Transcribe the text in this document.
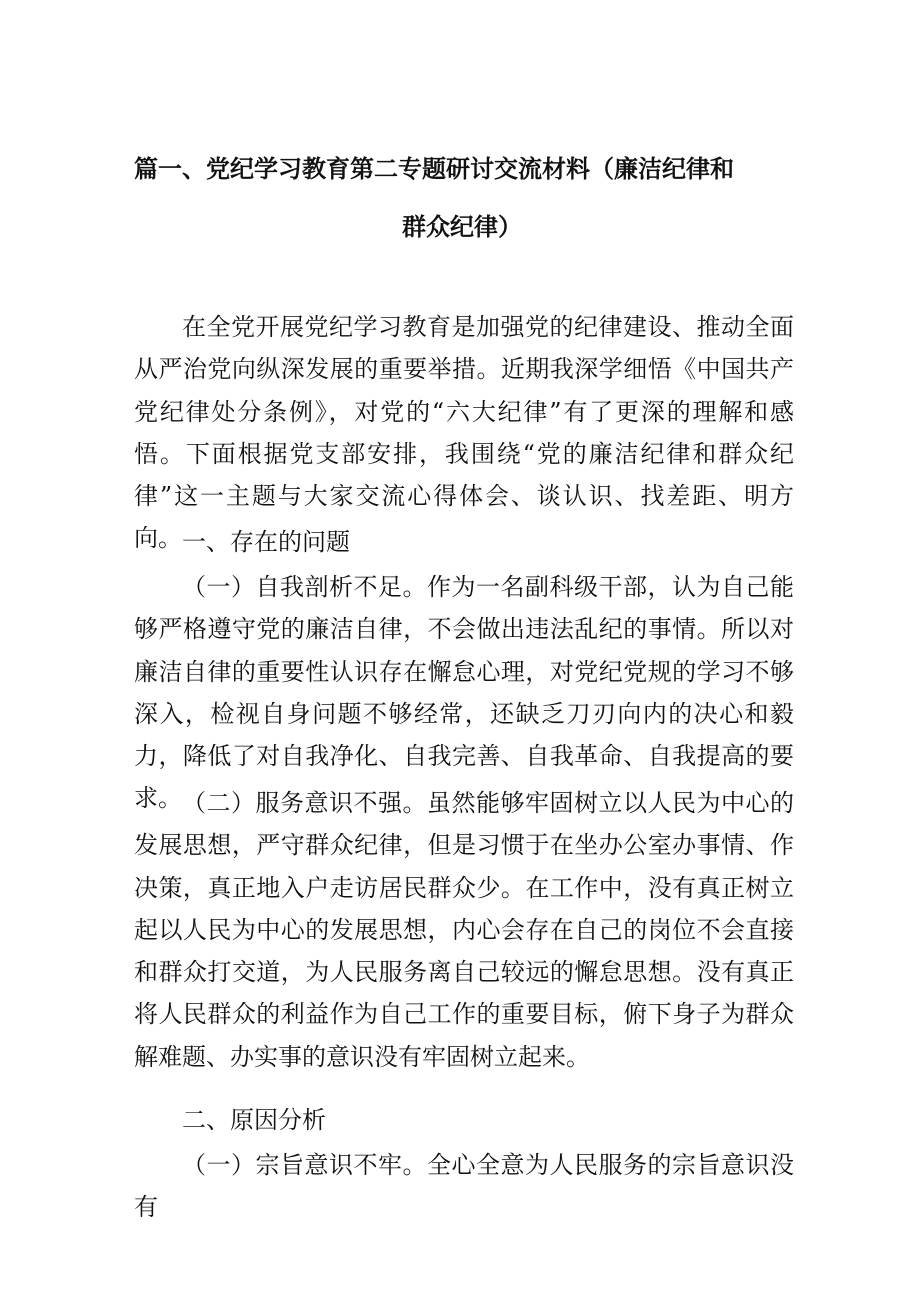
篇一、党纪学习教育第二专题研讨交流材料（廉洁纪律和
群众纪律）

在全党开展党纪学习教育是加强党的纪律建设、推动全面从严治党向纵深发展的重要举措。近期我深学细悟《中国共产党纪律处分条例》，对党的“六大纪律”有了更深的理解和感悟。下面根据党支部安排，我围绕“党的廉洁纪律和群众纪律”这一主题与大家交流心得体会、谈认识、找差距、明方向。 一、存在的问题

（一）自我剖析不足。作为一名副科级干部，认为自己能够严格遵守党的廉洁自律，不会做出违法乱纪的事情。所以对廉洁自律的重要性认识存在懈怠心理，对党纪党规的学习不够深入，检视自身问题不够经常，还缺乏刀刃向内的决心和毅力，降低了对自我净化、自我完善、自我革命、自我提高的要求。 （二）服务意识不强。虽然能够牢固树立以人民为中心的发展思想，严守群众纪律，但是习惯于在坐办公室办事情、作决策，真正地入户走访居民群众少。在工作中，没有真正树立起以人民为中心的发展思想，内心会存在自己的岗位不会直接和群众打交道，为人民服务离自己较远的懈怠思想。没有真正将人民群众的利益作为自己工作的重要目标，俯下身子为群众解难题、办实事的意识没有牢固树立起来。

二、原因分析

（一）宗旨意识不牢。全心全意为人民服务的宗旨意识没有
